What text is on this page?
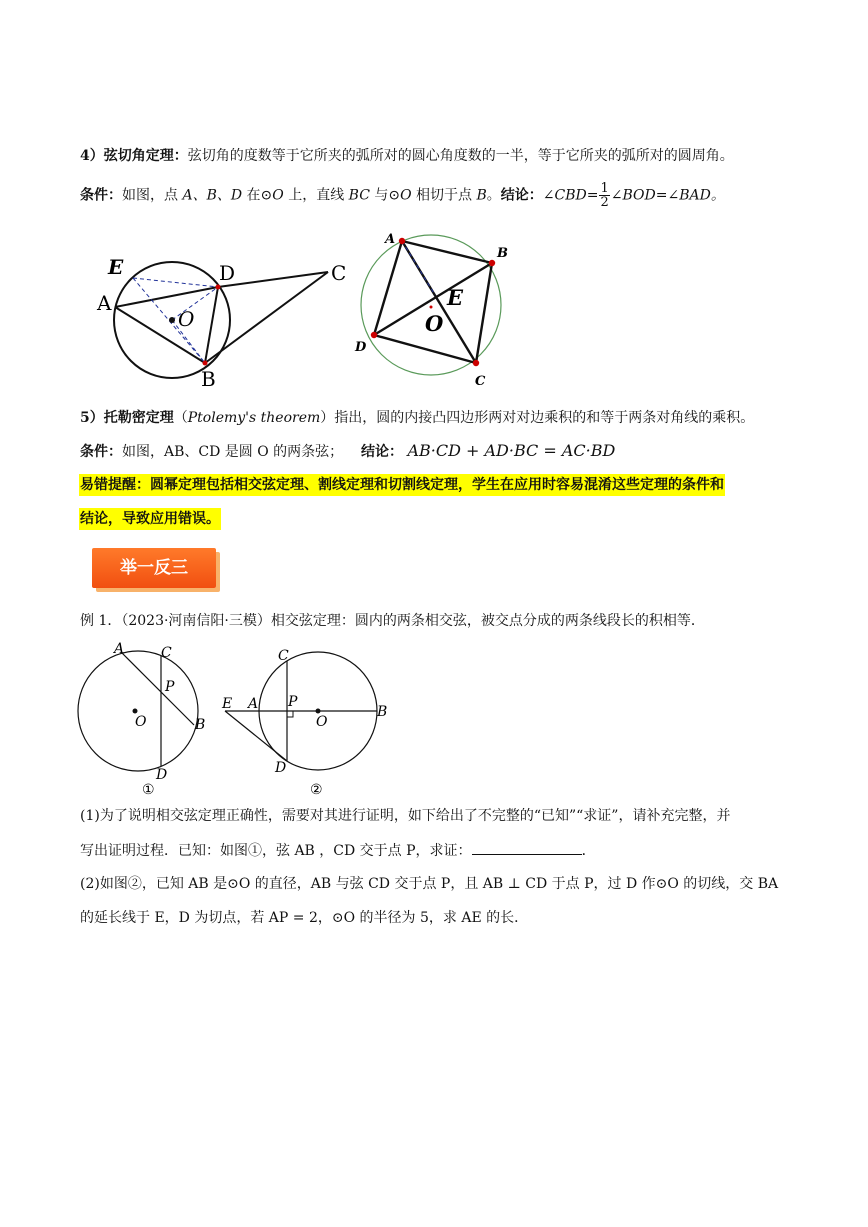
4）弦切角定理：弦切角的度数等于它所夹的弧所对的圆心角度数的一半，等于它所夹的弧所对的圆周角。
条件：如图，点 A、B、D 在⊙O 上，直线 BC 与⊙O 相切于点 B。结论：∠CBD= $\frac{1}{2}$ ∠BOD=∠BAD。
E
A
D
O
B
C
A
B
E
O
D
C
5）托勒密定理（Ptolemy's theorem）指出，圆的内接凸四边形两对对边乘积的和等于两条对角线的乘积。
条件：如图，AB、CD 是圆 O 的两条弦； 结论： AB·CD + AD·BC = AC·BD
易错提醒：圆幂定理包括相交弦定理、割线定理和切割线定理，学生在应用时容易混淆这些定理的条件和
结论，导致应用错误。
举一反三
例 1．（2023·河南信阳·三模）相交弦定理：圆内的两条相交弦，被交点分成的两条线段长的积相等．
A	C
P
O	B
D
①
C
E A P
O
B
D
②
(1)为了说明相交弦定理正确性，需要对其进行证明，如下给出了不完整的“已知”“求证”，请补充完整，并
写出证明过程．已知：如图①，弦 AB ，CD 交于点 P，求证：	．
(2)如图②，已知 AB 是⊙O 的直径，AB 与弦 CD 交于点 P，且 AB ⊥ CD 于点 P，过 D 作⊙O 的切线，交 BA
的延长线于 E，D 为切点，若 AP = 2，⊙O 的半径为 5，求 AE 的长．
